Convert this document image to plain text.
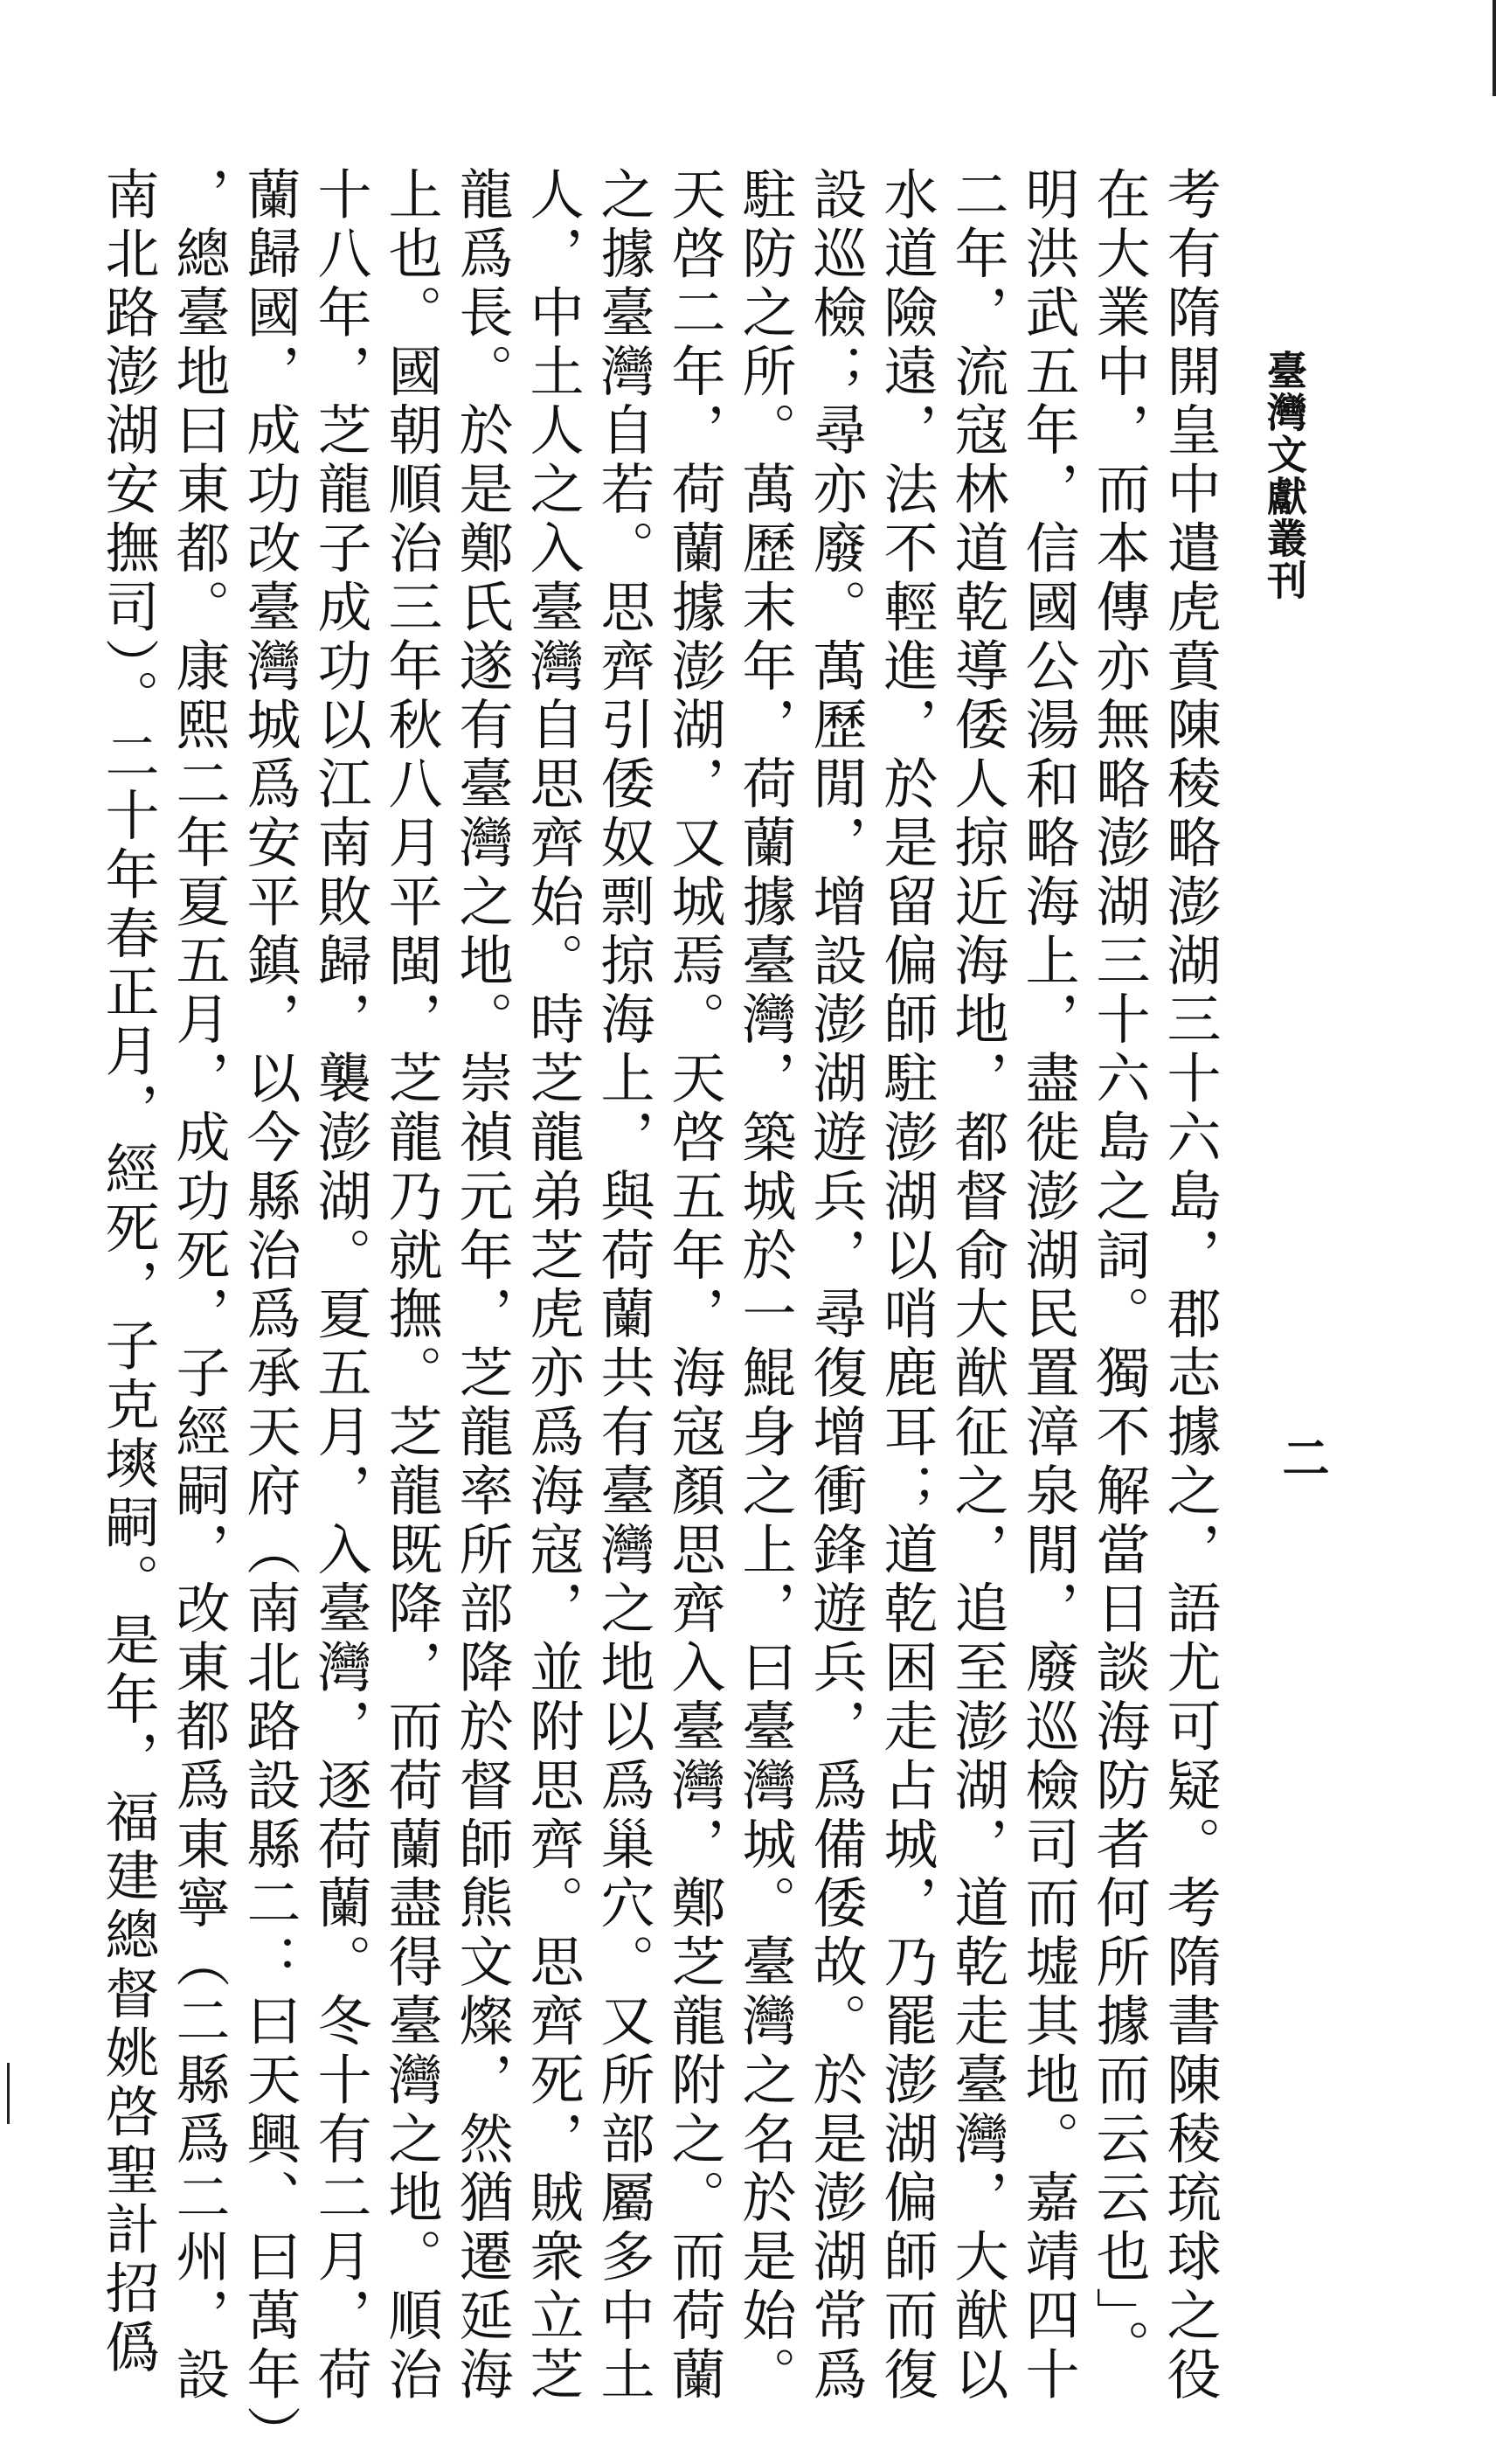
臺灣文獻叢刊
二
考有隋開皇中遣虎賁陳稜略澎湖三十六島，郡志據之，語尤可疑。考隋書陳稜琉球之役
在大業中，而本傳亦無略澎湖三十六島之詞。獨不解當日談海防者何所據而云云也」。
明洪武五年，信國公湯和略海上，盡徙澎湖民置漳泉閒，廢巡檢司而墟其地。嘉靖四十
二年，流寇林道乾導倭人掠近海地，都督俞大猷征之，追至澎湖，道乾走臺灣，大猷以
水道險遠，法不輕進，於是留偏師駐澎湖以哨鹿耳；道乾困走占城，乃罷澎湖偏師而復
設巡檢；尋亦廢。萬歷閒，增設澎湖遊兵，尋復增衝鋒遊兵，爲備倭故。於是澎湖常爲
駐防之所。萬歷末年，荷蘭據臺灣，築城於一鯤身之上，曰臺灣城。臺灣之名於是始。
天啓二年，荷蘭據澎湖，又城焉。天啓五年，海寇顏思齊入臺灣，鄭芝龍附之。而荷蘭
之據臺灣自若。思齊引倭奴剽掠海上，與荷蘭共有臺灣之地以爲巢穴。又所部屬多中土
人，中土人之入臺灣自思齊始。時芝龍弟芝虎亦爲海寇，並附思齊。思齊死，賊衆立芝
龍爲長。於是鄭氏遂有臺灣之地。崇禎元年，芝龍率所部降於督師熊文燦，然猶遷延海
上也。國朝順治三年秋八月平閩，芝龍乃就撫。芝龍既降，而荷蘭盡得臺灣之地。順治
十八年，芝龍子成功以江南敗歸，襲澎湖。夏五月，入臺灣，逐荷蘭。冬十有二月，荷
蘭歸國，成功改臺灣城爲安平鎮，以今縣治爲承天府（南北路設縣二：曰天興、曰萬年）
，總臺地曰東都。康熙二年夏五月，成功死，子經嗣，改東都爲東寧（二縣爲二州，設
南北路澎湖安撫司）。二十年春正月，經死，子克塽嗣。是年，福建總督姚啓聖計招僞
